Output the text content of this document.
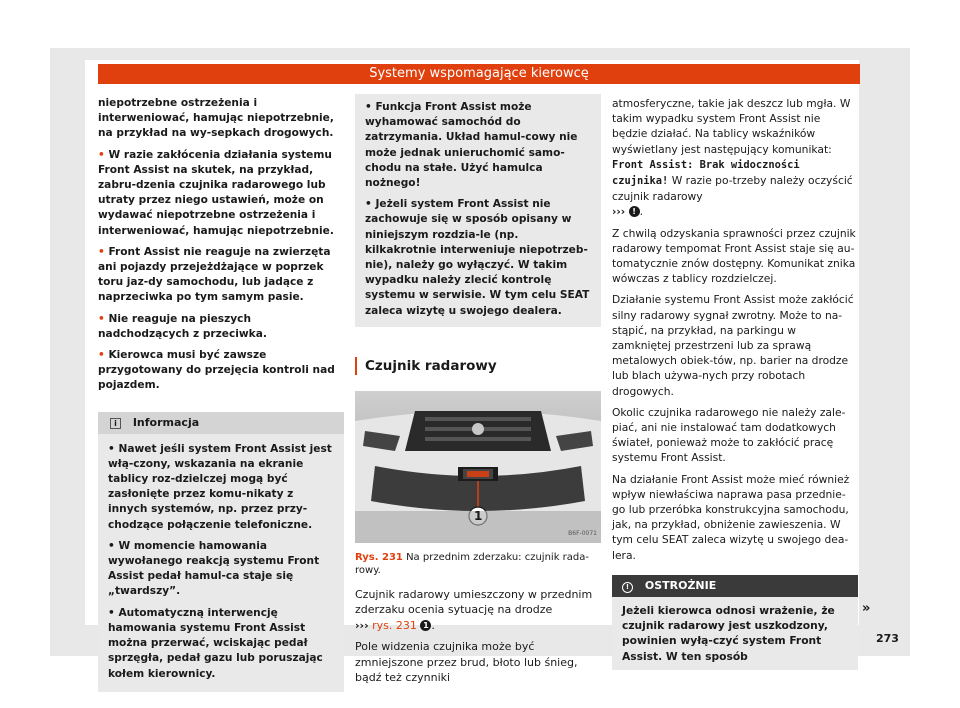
Systemy wspomagające kierowcę

niepotrzebne ostrzeżenia i interweniować, hamując niepotrzebnie, na przykład na wy-sepkach drogowych.

• W razie zakłócenia działania systemu Front Assist na skutek, na przykład, zabru-dzenia czujnika radarowego lub utraty przez niego ustawień, może on wydawać niepotrzebne ostrzeżenia i interweniować, hamując niepotrzebnie.

• Front Assist nie reaguje na zwierzęta ani pojazdy przejeżdżające w poprzek toru jaz-dy samochodu, lub jadące z naprzeciwka po tym samym pasie.

• Nie reaguje na pieszych nadchodzących z przeciwka.

• Kierowca musi być zawsze przygotowany do przejęcia kontroli nad pojazdem.

i Informacja

• Nawet jeśli system Front Assist jest włą-czony, wskazania na ekranie tablicy roz-dzielczej mogą być zasłonięte przez komu-nikaty z innych systemów, np. przez przy-chodzące połączenie telefoniczne.

• W momencie hamowania wywołanego reakcją systemu Front Assist pedał hamul-ca staje się „twardszy”.

• Automatyczną interwencję hamowania systemu Front Assist można przerwać, wciskając pedał sprzęgła, pedał gazu lub poruszając kołem kierownicy.

• Funkcja Front Assist może wyhamować samochód do zatrzymania. Układ hamul-cowy nie może jednak unieruchomić samo-chodu na stałe. Użyć hamulca nożnego!

• Jeżeli system Front Assist nie zachowuje się w sposób opisany w niniejszym rozdzia-le (np. kilkakrotnie interweniuje niepotrzeb-nie), należy go wyłączyć. W takim wypadku należy zlecić kontrolę systemu w serwisie. W tym celu SEAT zaleca wizytę u swojego dealera.

Czujnik radarowy
1
B6F-0071

Rys. 231 Na przednim zderzaku: czujnik rada-rowy.

Czujnik radarowy umieszczony w przednim zderzaku ocenia sytuację na drodze
››› rys. 231 1 .

Pole widzenia czujnika może być zmniejszone przez brud, błoto lub śnieg, bądź też czynniki

atmosferyczne, takie jak deszcz lub mgła. W takim wypadku system Front Assist nie będzie działać. Na tablicy wskaźników wyświetlany jest następujący komunikat: Front Assist: Brak widoczności czujnika! W razie po-trzeby należy oczyścić czujnik radarowy
››› ! .

Z chwilą odzyskania sprawności przez czujnik radarowy tempomat Front Assist staje się au-tomatycznie znów dostępny. Komunikat znika wówczas z tablicy rozdzielczej.

Działanie systemu Front Assist może zakłócić silny radarowy sygnał zwrotny. Może to na-stąpić, na przykład, na parkingu w zamkniętej przestrzeni lub za sprawą metalowych obiek-tów, np. barier na drodze lub blach używa-nych przy robotach drogowych.

Okolic czujnika radarowego nie należy zale-piać, ani nie instalować tam dodatkowych świateł, ponieważ może to zakłócić pracę systemu Front Assist.

Na działanie Front Assist może mieć również wpływ niewłaściwa naprawa pasa przednie-go lub przeróbka konstrukcyjna samochodu, jak, na przykład, obniżenie zawieszenia. W tym celu SEAT zaleca wizytę u swojego dea-lera.

! OSTROŻNIE
Jeżeli kierowca odnosi wrażenie, że czujnik radarowy jest uszkodzony, powinien wyłą-czyć system Front Assist. W ten sposób
»
273
